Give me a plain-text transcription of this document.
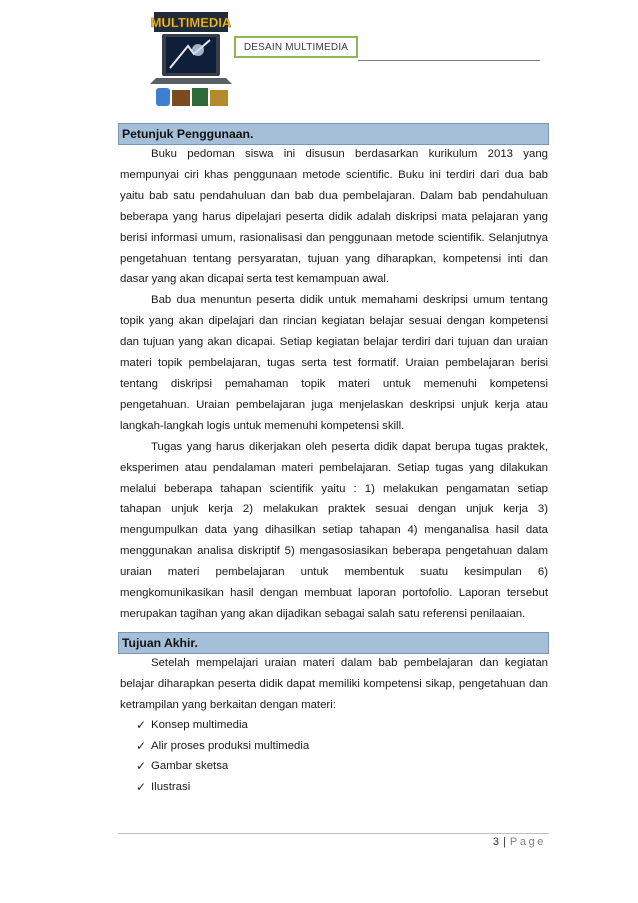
MULTIMEDIA
DESAIN MULTIMEDIA
Petunjuk Penggunaan.

Buku pedoman siswa ini disusun berdasarkan kurikulum 2013 yang mempunyai ciri khas penggunaan metode scientific. Buku ini terdiri dari dua bab yaitu bab satu pendahuluan dan bab dua pembelajaran. Dalam bab pendahuluan beberapa yang harus dipelajari peserta didik adalah diskripsi mata pelajaran yang berisi informasi umum, rasionalisasi dan penggunaan metode scientifik. Selanjutnya pengetahuan tentang persyaratan, tujuan yang diharapkan, kompetensi inti dan dasar yang akan dicapai serta test kemampuan awal.

Bab dua menuntun peserta didik untuk memahami deskripsi umum tentang topik yang akan dipelajari dan rincian kegiatan belajar sesuai dengan kompetensi dan tujuan yang akan dicapai. Setiap kegiatan belajar terdiri dari tujuan dan uraian materi topik pembelajaran, tugas serta test formatif. Uraian pembelajaran berisi tentang diskripsi pemahaman topik materi untuk memenuhi kompetensi pengetahuan. Uraian pembelajaran juga menjelaskan deskripsi unjuk kerja atau langkah-langkah logis untuk memenuhi kompetensi skill.

Tugas yang harus dikerjakan oleh peserta didik dapat berupa tugas praktek, eksperimen atau pendalaman materi pembelajaran. Setiap tugas yang dilakukan melalui beberapa tahapan scientifik yaitu : 1) melakukan pengamatan setiap tahapan unjuk kerja 2) melakukan praktek sesuai dengan unjuk kerja 3) mengumpulkan data yang dihasilkan setiap tahapan 4) menganalisa hasil data menggunakan analisa diskriptif 5) mengasosiasikan beberapa pengetahuan dalam uraian materi pembelajaran untuk membentuk suatu kesimpulan 6) mengkomunikasikan hasil dengan membuat laporan portofolio. Laporan tersebut merupakan tagihan yang akan dijadikan sebagai salah satu referensi penilaaian.

Tujuan Akhir.

Setelah mempelajari uraian materi dalam bab pembelajaran dan kegiatan belajar diharapkan peserta didik dapat memiliki kompetensi sikap, pengetahuan dan ketrampilan yang berkaitan dengan materi:

✓ Konsep multimedia
✓ Alir proses produksi multimedia
✓ Gambar sketsa
✓ Ilustrasi
3 | Page
